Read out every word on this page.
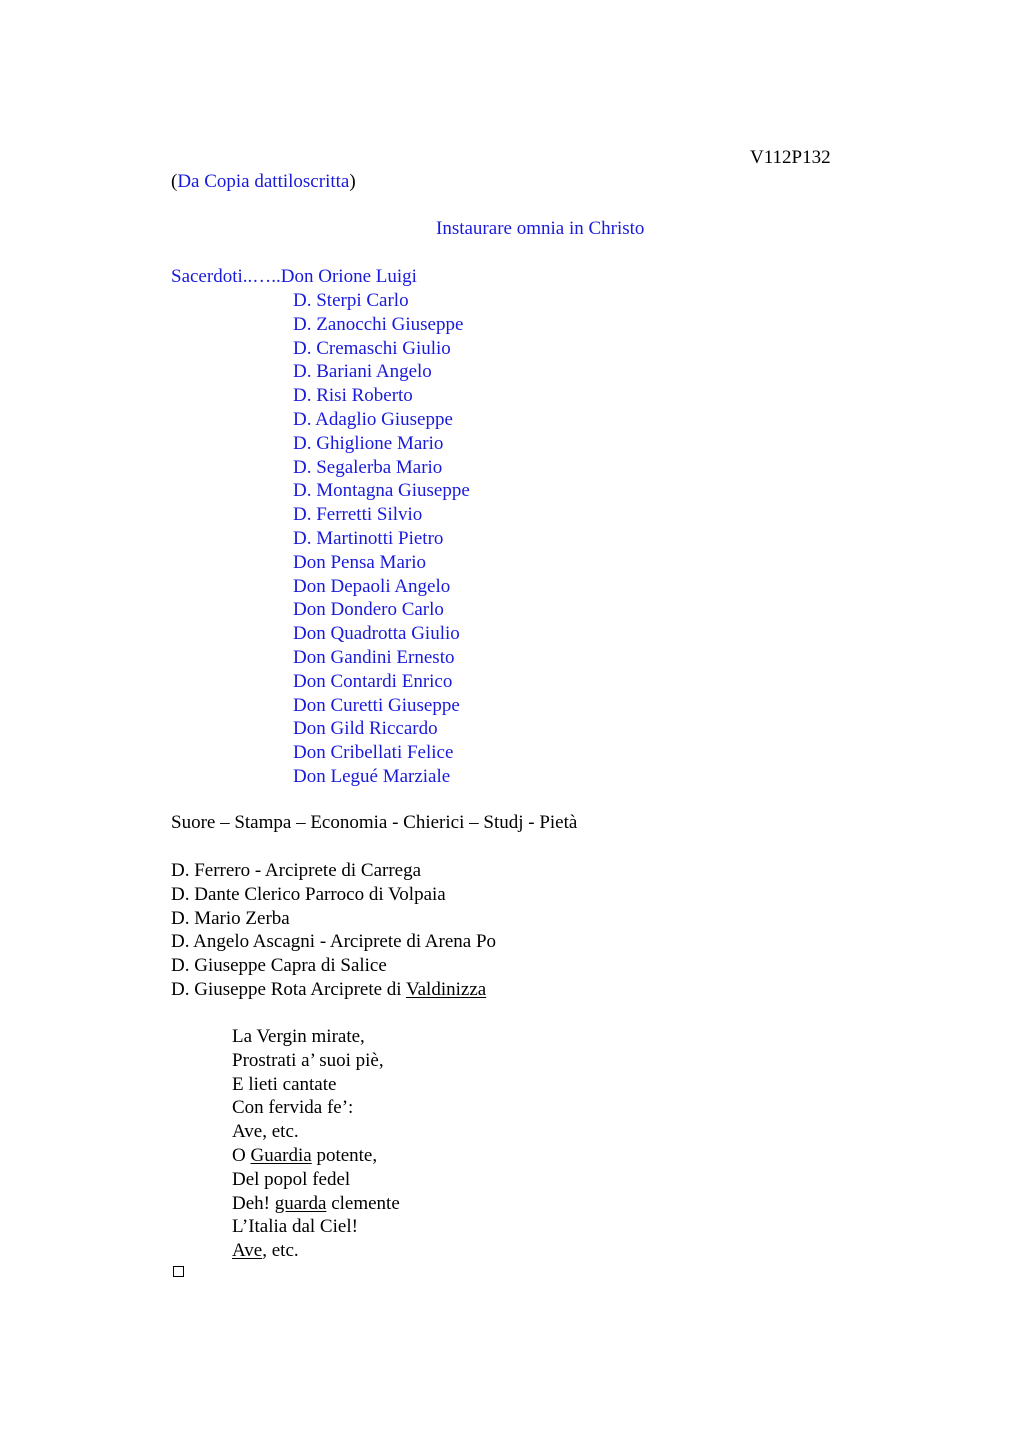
V112P132
(Da Copia dattiloscritta)
Instaurare omnia in Christo
Sacerdoti..…..Don Orione Luigi
D. Sterpi Carlo
D. Zanocchi Giuseppe
D. Cremaschi Giulio
D. Bariani Angelo
D. Risi Roberto
D. Adaglio Giuseppe
D. Ghiglione Mario
D. Segalerba Mario
D. Montagna Giuseppe
D. Ferretti Silvio
D. Martinotti Pietro
Don Pensa Mario
Don Depaoli Angelo
Don Dondero Carlo
Don Quadrotta Giulio
Don Gandini Ernesto
Don Contardi Enrico
Don Curetti Giuseppe
Don Gild Riccardo
Don Cribellati Felice
Don Legué Marziale
Suore – Stampa – Economia - Chierici – Studj - Pietà
D. Ferrero - Arciprete di Carrega
D. Dante Clerico Parroco di Volpaia
D. Mario Zerba
D. Angelo Ascagni - Arciprete di Arena Po
D. Giuseppe Capra di Salice
D. Giuseppe Rota Arciprete di Valdinizza
La Vergin mirate,
Prostrati a’ suoi piè,
E lieti cantate
Con fervida fe’:
Ave, etc.
O Guardia potente,
Del popol fedel
Deh! guarda clemente
L’Italia dal Ciel!
Ave, etc.
